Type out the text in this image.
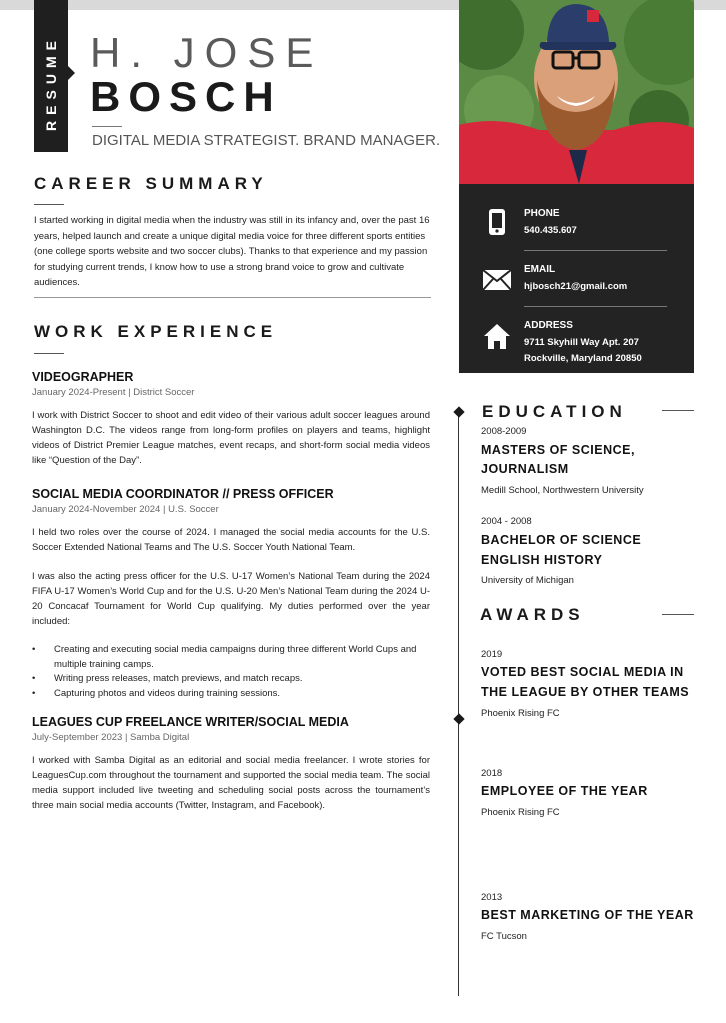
RESUME H. JOSE
BOSCH
DIGITAL MEDIA STRATEGIST. BRAND MANAGER.
CAREER SUMMARY
I started working in digital media when the industry was still in its infancy and, over the past 16 years, helped launch and create a unique digital media voice for three different sports entities (one college sports website and two soccer clubs). Thanks to that experience and my passion for studying current trends, I know how to use a strong brand voice to grow and cultivate audiences.
WORK EXPERIENCE
VIDEOGRAPHER
January 2024-Present | District Soccer
I work with District Soccer to shoot and edit video of their various adult soccer leagues around Washington D.C. The videos range from long-form profiles on players and teams, highlight videos of District Premier League matches, event recaps, and short-form social media videos like “Question of the Day”.
SOCIAL MEDIA COORDINATOR // PRESS OFFICER
January 2024-November 2024 | U.S. Soccer
I held two roles over the course of 2024. I managed the social media accounts for the U.S. Soccer Extended National Teams and The U.S. Soccer Youth National Team.
I was also the acting press officer for the U.S. U-17 Women’s National Team during the 2024 FIFA U-17 Women’s World Cup and for the U.S. U-20 Men’s National Team during the 2024 U-20 Concacaf Tournament for World Cup qualifying. My duties performed over the year included:
• Creating and executing social media campaigns during three different World Cups and multiple training camps.
• Writing press releases, match previews, and match recaps.
• Capturing photos and videos during training sessions.
LEAGUES CUP FREELANCE WRITER/SOCIAL MEDIA
July-September 2023 | Samba Digital
I worked with Samba Digital as an editorial and social media freelancer. I wrote stories for LeaguesCup.com throughout the tournament and supported the social media team. The social media support included live tweeting and scheduling social posts across the tournament’s three main social media accounts (Twitter, Instagram, and Facebook).
PHONE
540.435.607
EMAIL
hjbosch21@gmail.com
ADDRESS
9711 Skyhill Way Apt. 207
Rockville, Maryland 20850
EDUCATION
2008-2009
MASTERS OF SCIENCE,
JOURNALISM
Medill School, Northwestern University
2004 - 2008
BACHELOR OF SCIENCE
ENGLISH HISTORY
University of Michigan
AWARDS
2019
VOTED BEST SOCIAL MEDIA IN
THE LEAGUE BY OTHER TEAMS
Phoenix Rising FC
2018
EMPLOYEE OF THE YEAR
Phoenix Rising FC
2013
BEST MARKETING OF THE YEAR
FC Tucson
